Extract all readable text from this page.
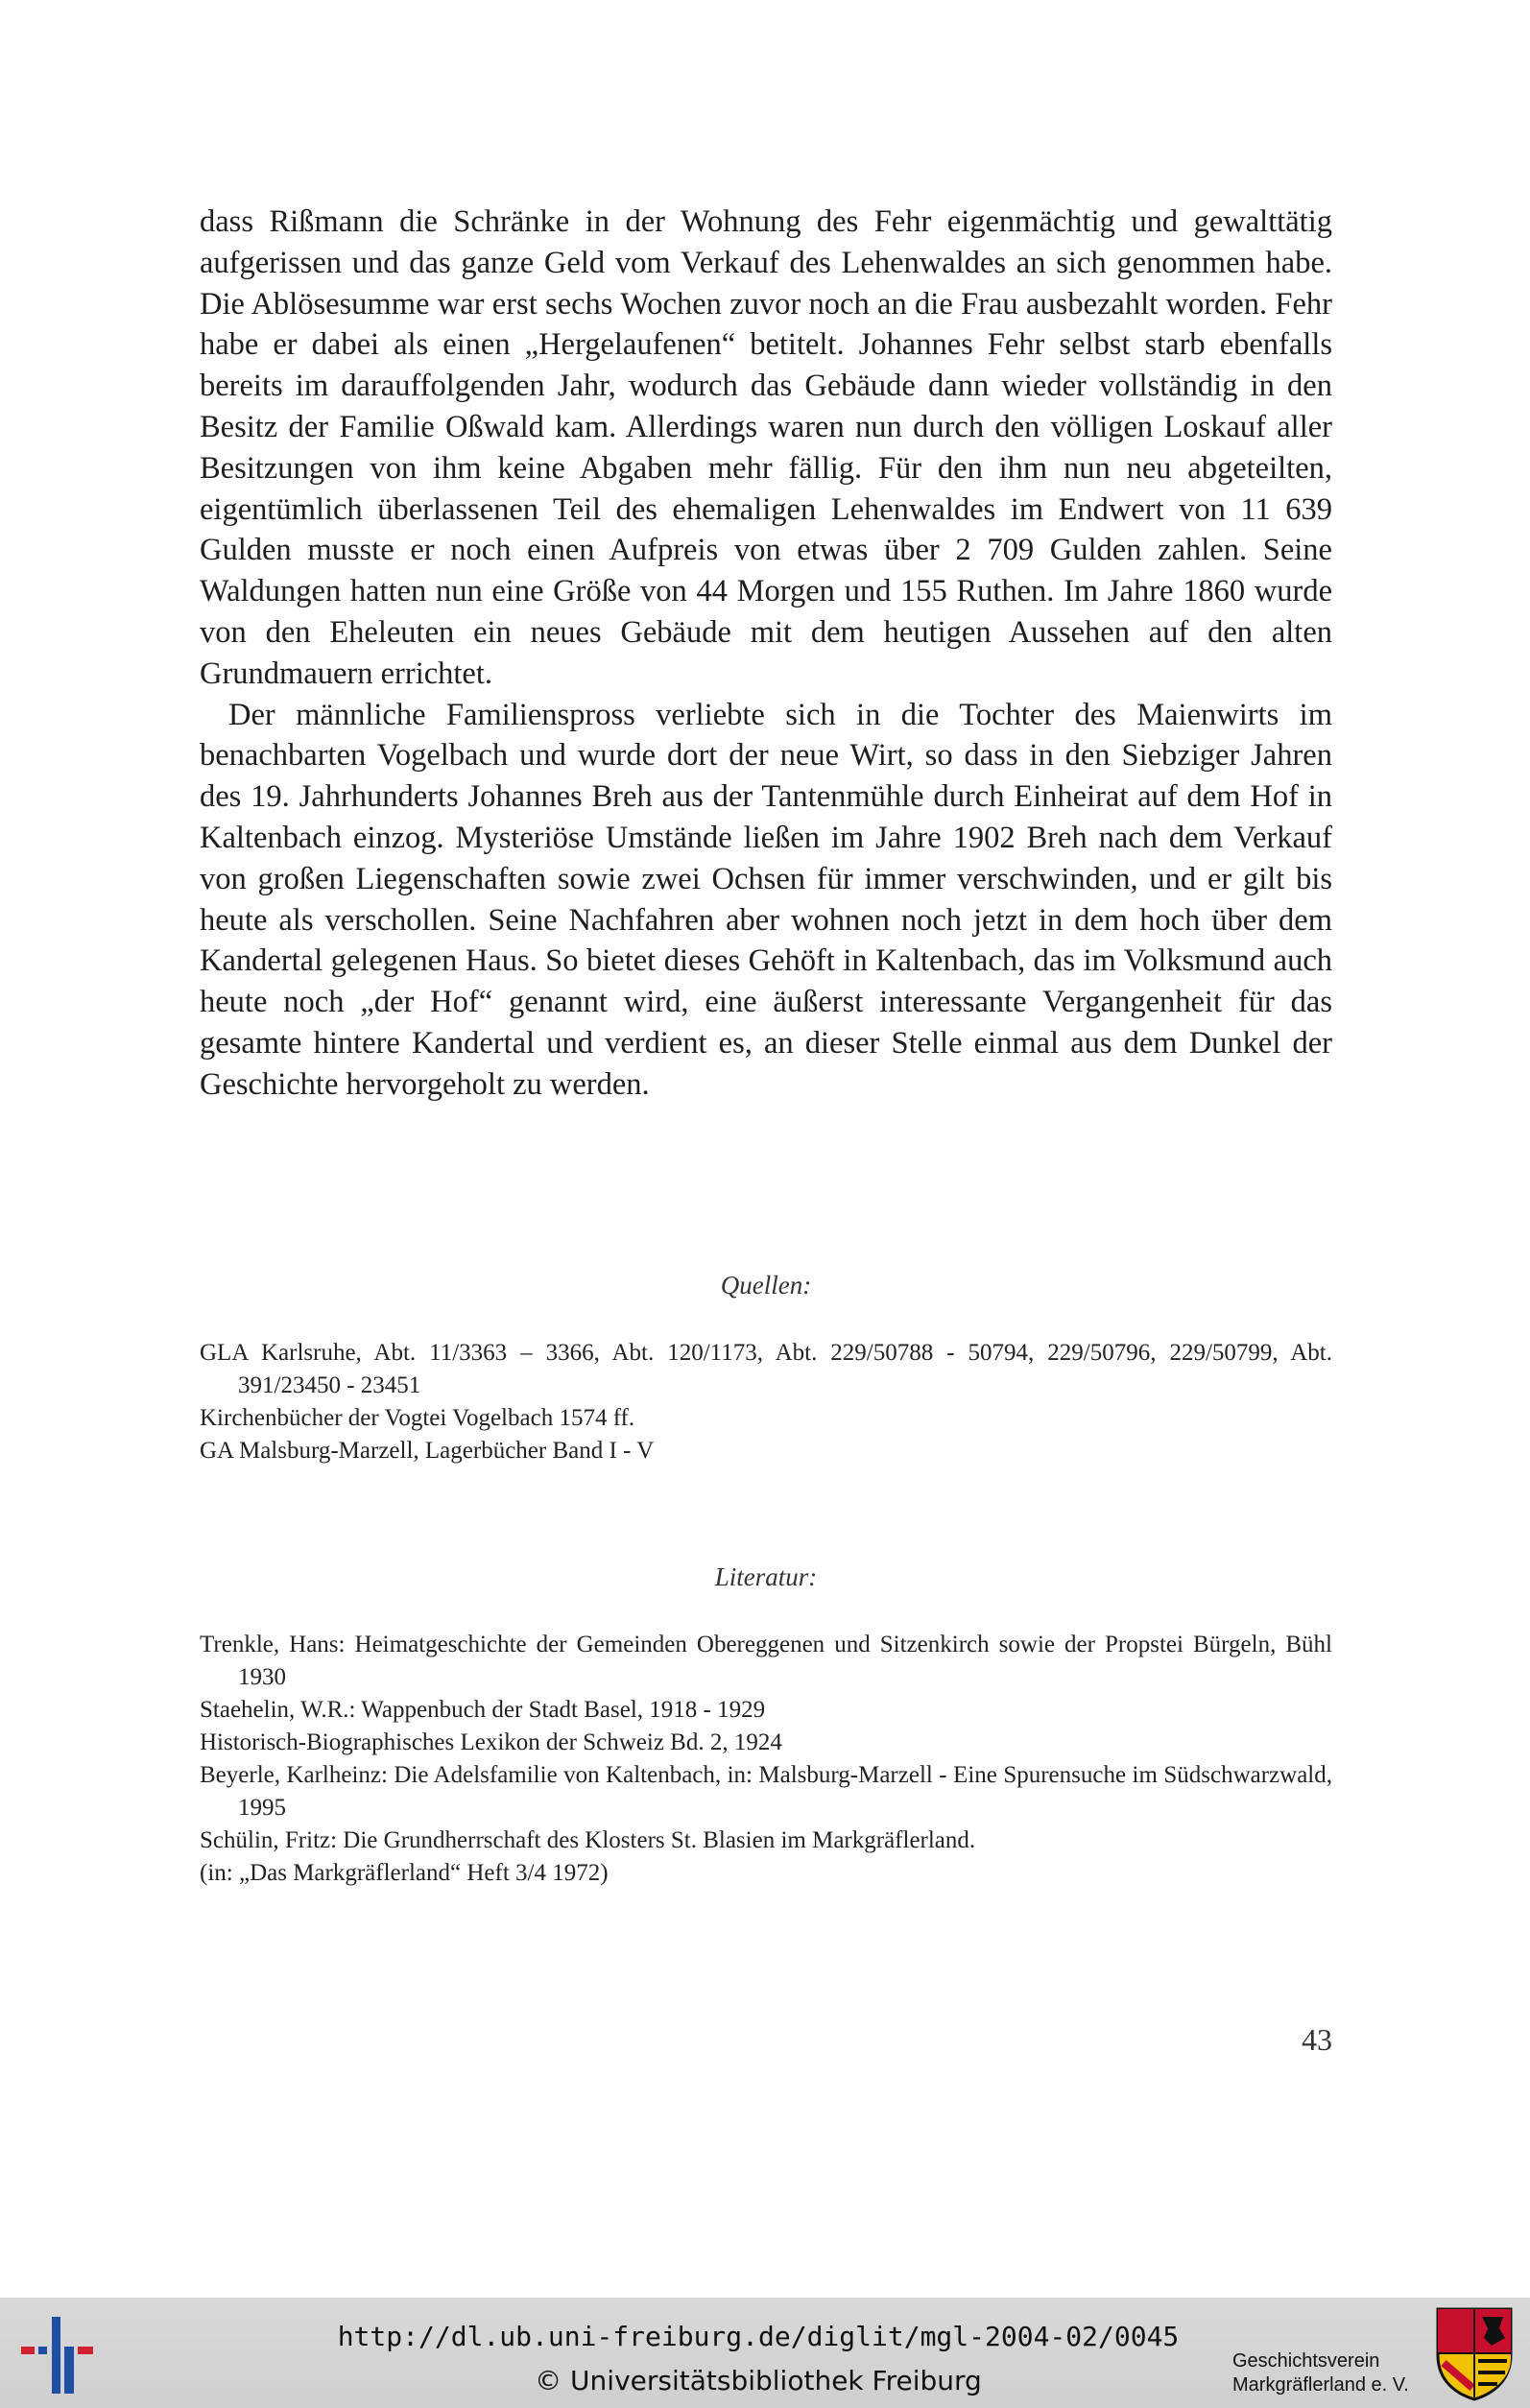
dass Rißmann die Schränke in der Wohnung des Fehr eigenmächtig und gewalttätig aufgerissen und das ganze Geld vom Verkauf des Lehenwaldes an sich genommen habe. Die Ablösesumme war erst sechs Wochen zuvor noch an die Frau ausbezahlt worden. Fehr habe er dabei als einen „Hergelaufenen“ betitelt. Johannes Fehr selbst starb ebenfalls bereits im darauffolgenden Jahr, wodurch das Gebäude dann wieder vollständig in den Besitz der Familie Oßwald kam. Allerdings waren nun durch den völligen Loskauf aller Besitzungen von ihm keine Abgaben mehr fällig. Für den ihm nun neu abgeteilten, eigentümlich überlassenen Teil des ehemaligen Lehenwaldes im Endwert von 11 639 Gulden musste er noch einen Aufpreis von etwas über 2 709 Gulden zahlen. Seine Waldungen hatten nun eine Größe von 44 Morgen und 155 Ruthen. Im Jahre 1860 wurde von den Eheleuten ein neues Gebäude mit dem heutigen Aussehen auf den alten Grundmauern errichtet.

Der männliche Familienspross verliebte sich in die Tochter des Maienwirts im benachbarten Vogelbach und wurde dort der neue Wirt, so dass in den Siebziger Jahren des 19. Jahrhunderts Johannes Breh aus der Tantenmühle durch Einheirat auf dem Hof in Kaltenbach einzog. Mysteriöse Umstände ließen im Jahre 1902 Breh nach dem Verkauf von großen Liegenschaften sowie zwei Ochsen für immer verschwinden, und er gilt bis heute als verschollen. Seine Nachfahren aber wohnen noch jetzt in dem hoch über dem Kandertal gelegenen Haus. So bietet dieses Gehöft in Kaltenbach, das im Volksmund auch heute noch „der Hof“ genannt wird, eine äußerst interessante Vergangenheit für das gesamte hintere Kandertal und verdient es, an dieser Stelle einmal aus dem Dunkel der Geschichte hervorgeholt zu werden.

Quellen:
GLA Karlsruhe, Abt. 11/3363 – 3366, Abt. 120/1173, Abt. 229/50788 - 50794, 229/50796, 229/50799, Abt. 391/23450 - 23451
Kirchenbücher der Vogtei Vogelbach 1574 ff.
GA Malsburg-Marzell, Lagerbücher Band I - V
Literatur:
Trenkle, Hans: Heimatgeschichte der Gemeinden Obereggenen und Sitzenkirch sowie der Propstei Bürgeln, Bühl 1930
Staehelin, W.R.: Wappenbuch der Stadt Basel, 1918 - 1929
Historisch-Biographisches Lexikon der Schweiz Bd. 2, 1924
Beyerle, Karlheinz: Die Adelsfamilie von Kaltenbach, in: Malsburg-Marzell - Eine Spurensuche im Südschwarzwald, 1995
Schülin, Fritz: Die Grundherrschaft des Klosters St. Blasien im Markgräflerland.
(in: „Das Markgräflerland“ Heft 3/4 1972)
43
http://dl.ub.uni-freiburg.de/diglit/mgl-2004-02/0045
© Universitätsbibliothek Freiburg
Geschichtsverein
Markgräflerland e. V.
